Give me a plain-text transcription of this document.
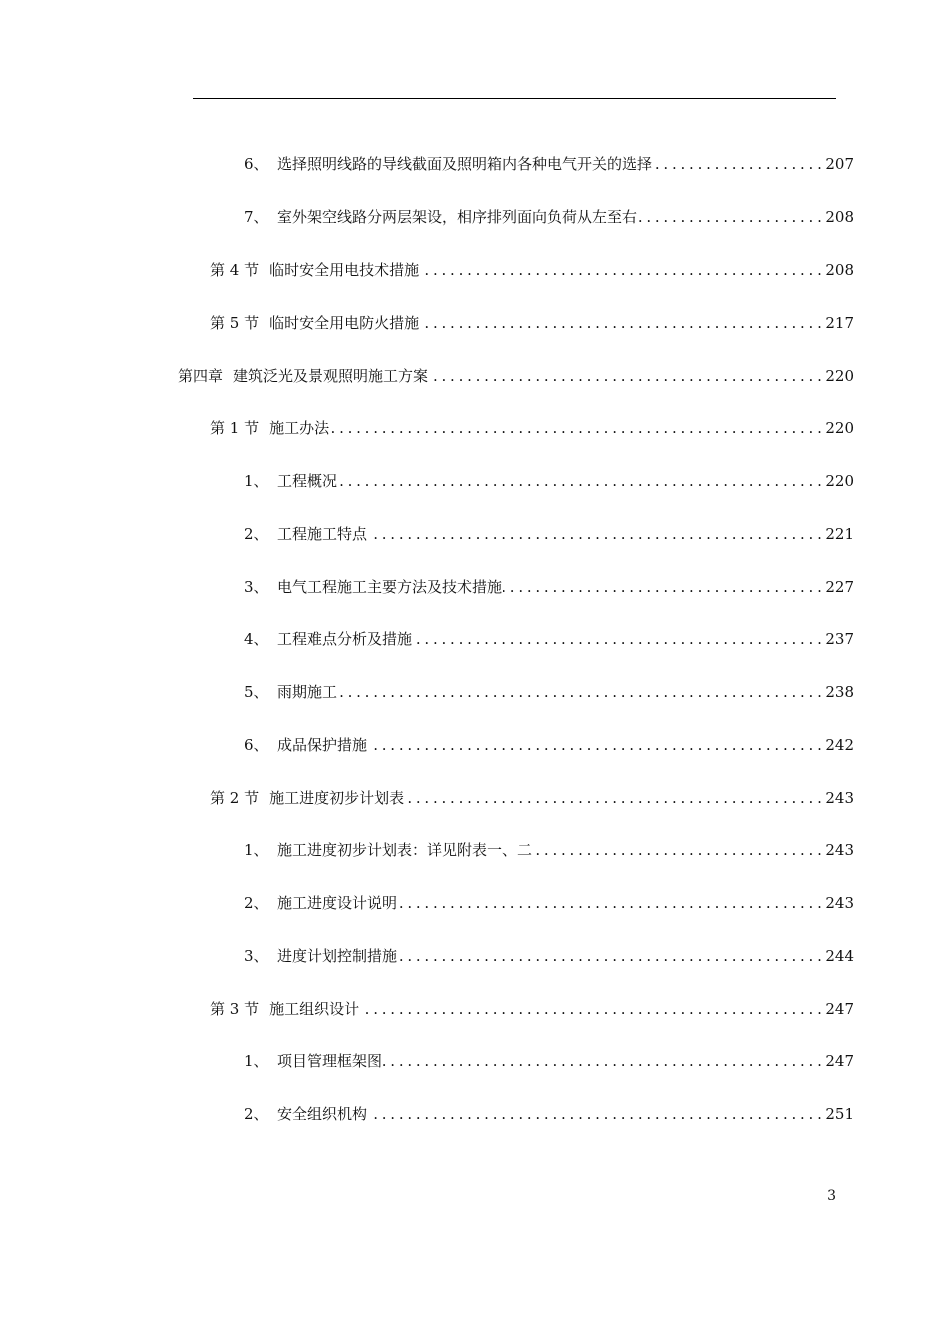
6、 选择照明线路的导线截面及照明箱内各种电气开关的选择 . . .	207
7、 室外架空线路分两层架设，相序排列面向负荷从左至右 . . .	208
第 4 节 临时安全用电技术措施 . . .	208
第 5 节 临时安全用电防火措施 . . .	217
第四章 建筑泛光及景观照明施工方案 . . .	220
第 1 节 施工办法 . . .	220
1、 工程概况 . . .	220
2、 工程施工特点 . . .	221
3、 电气工程施工主要方法及技术措施 . . .	227
4、 工程难点分析及措施 . . .	237
5、 雨期施工 . . .	238
6、 成品保护措施 . . .	242
第 2 节 施工进度初步计划表 . . .	243
1、 施工进度初步计划表：详见附表一、二 . . .	243
2、 施工进度设计说明 . . .	243
3、 进度计划控制措施 . . .	244
第 3 节 施工组织设计 . . .	247
1、 项目管理框架图 . . .	247
2、 安全组织机构 . . .	251
3
